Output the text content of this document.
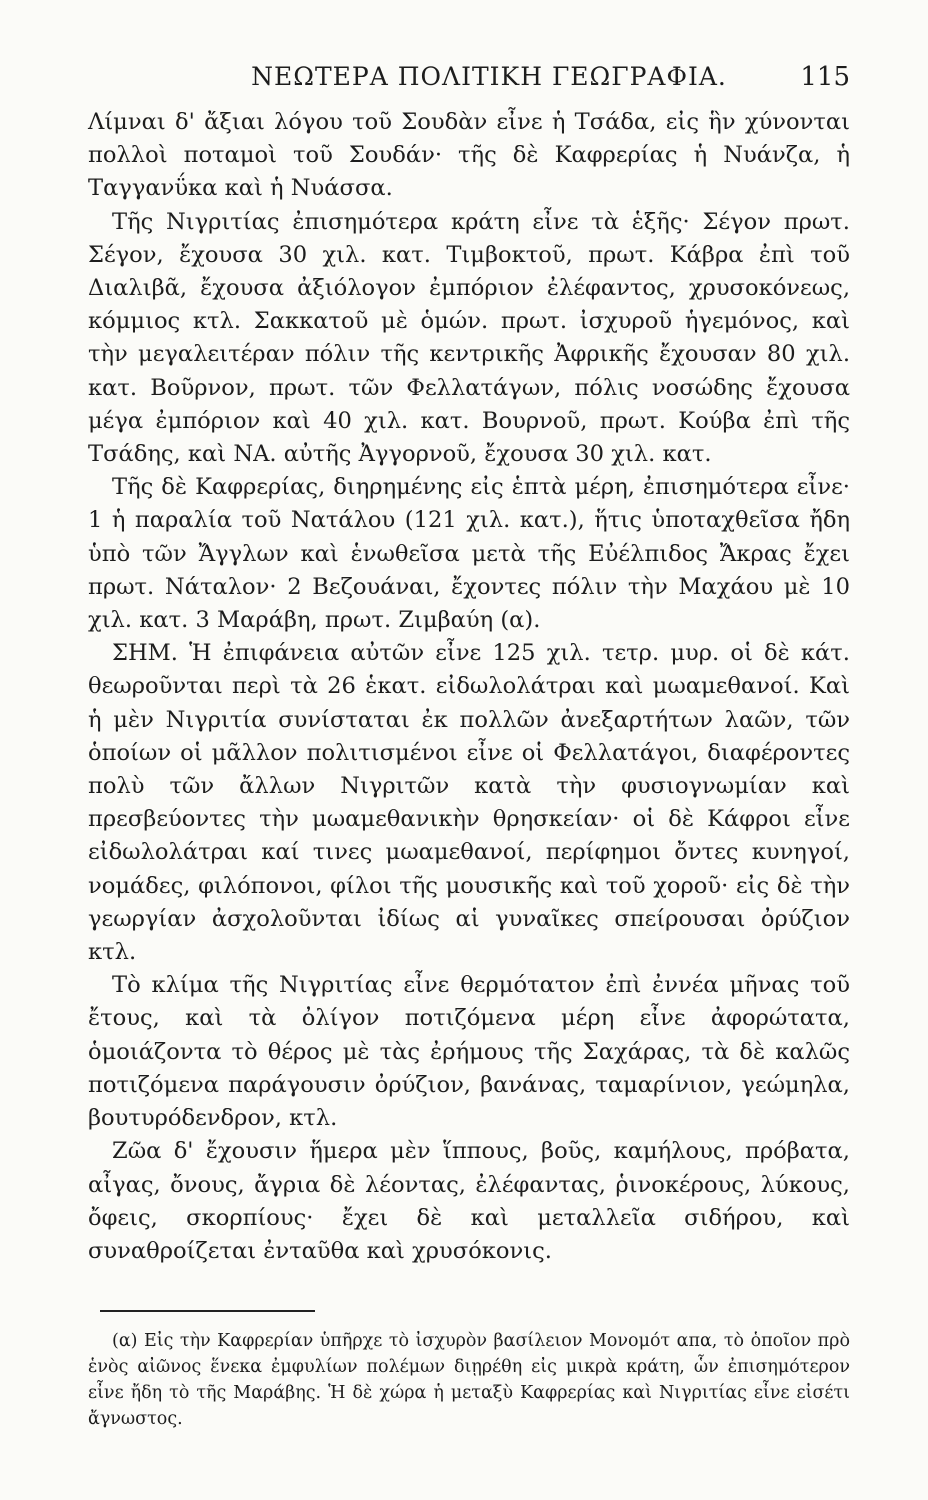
ΝΕΩΤΕΡΑ ΠΟΛΙΤΙΚΗ ΓΕΩΓΡΑΦΙΑ.	115

Λίμναι δ' ἄξιαι λόγου τοῦ Σουδὰν εἶνε ἡ Τσάδα, εἰς ἣν χύνονται πολλοὶ ποταμοὶ τοῦ Σουδάν· τῆς δὲ Καφρερίας ἡ Νυάνζα, ἡ Ταγγανΰκα καὶ ἡ Νυάσσα.

Τῆς Νιγριτίας ἐπισημότερα κράτη εἶνε τὰ ἑξῆς· Σέγον πρωτ. Σέγον, ἔχουσα 30 χιλ. κατ. Τιμβοκτοῦ, πρωτ. Κάβρα ἐπὶ τοῦ Διαλιβᾶ, ἔχουσα ἀξιόλογον ἐμπόριον ἐλέφαντος, χρυσοκόνεως, κόμμιος κτλ. Σακκατοῦ μὲ ὁμών. πρωτ. ἰσχυροῦ ἡγεμόνος, καὶ τὴν μεγαλειτέραν πόλιν τῆς κεντρικῆς Ἀφρικῆς ἔχουσαν 80 χιλ. κατ. Βοῦρνον, πρωτ. τῶν Φελλατάγων, πόλις νοσώδης ἔχουσα μέγα ἐμπόριον καὶ 40 χιλ. κατ. Βουρνοῦ, πρωτ. Κούβα ἐπὶ τῆς Τσάδης, καὶ ΝΑ. αὐτῆς Ἀγγορνοῦ, ἔχουσα 30 χιλ. κατ.

Τῆς δὲ Καφρερίας, διηρημένης εἰς ἑπτὰ μέρη, ἐπισημότερα εἶνε· 1 ἡ παραλία τοῦ Νατάλου (121 χιλ. κατ.), ἥτις ὑποταχθεῖσα ἤδη ὑπὸ τῶν Ἄγγλων καὶ ἑνωθεῖσα μετὰ τῆς Εὐέλπιδος Ἄκρας ἔχει πρωτ. Νάταλον· 2 Βεζουάναι, ἔχοντες πόλιν τὴν Μαχάου μὲ 10 χιλ. κατ. 3 Μαράβη, πρωτ. Ζιμβαύη (α).

ΣΗΜ. Ἡ ἐπιφάνεια αὐτῶν εἶνε 125 χιλ. τετρ. μυρ. οἱ δὲ κάτ. θεωροῦνται περὶ τὰ 26 ἑκατ. εἰδωλολάτραι καὶ μωαμεθανοί. Καὶ ἡ μὲν Νιγριτία συνίσταται ἐκ πολλῶν ἀνεξαρτήτων λαῶν, τῶν ὁποίων οἱ μᾶλλον πολιτισμένοι εἶνε οἱ Φελλατάγοι, διαφέροντες πολὺ τῶν ἄλλων Νιγριτῶν κατὰ τὴν φυσιογνωμίαν καὶ πρεσβεύοντες τὴν μωαμεθανικὴν θρησκείαν· οἱ δὲ Κάφροι εἶνε εἰδωλολάτραι καί τινες μωαμεθανοί, περίφημοι ὄντες κυνηγοί, νομάδες, φιλόπονοι, φίλοι τῆς μουσικῆς καὶ τοῦ χοροῦ· εἰς δὲ τὴν γεωργίαν ἀσχολοῦνται ἰδίως αἱ γυναῖκες σπείρουσαι ὀρύζιον κτλ.

Τὸ κλίμα τῆς Νιγριτίας εἶνε θερμότατον ἐπὶ ἐννέα μῆνας τοῦ ἔτους, καὶ τὰ ὀλίγον ποτιζόμενα μέρη εἶνε ἀφορώτατα, ὁμοιάζοντα τὸ θέρος μὲ τὰς ἐρήμους τῆς Σαχάρας, τὰ δὲ καλῶς ποτιζόμενα παράγουσιν ὀρύζιον, βανάνας, ταμαρίνιον, γεώμηλα, βουτυρόδενδρον, κτλ.

Ζῶα δ' ἔχουσιν ἥμερα μὲν ἵππους, βοῦς, καμήλους, πρόβατα, αἶγας, ὄνους, ἄγρια δὲ λέοντας, ἐλέφαντας, ῥινοκέρους, λύκους, ὄφεις, σκορπίους· ἔχει δὲ καὶ μεταλλεῖα σιδήρου, καὶ συναθροίζεται ἐνταῦθα καὶ χρυσόκονις.

(α) Εἰς τὴν Καφρερίαν ὑπῆρχε τὸ ἰσχυρὸν βασίλειον Μονομότ απα, τὸ ὁποῖον πρὸ ἑνὸς αἰῶνος ἕνεκα ἐμφυλίων πολέμων διῃρέθη εἰς μικρὰ κράτη, ὧν ἐπισημότερον εἶνε ἤδη τὸ τῆς Μαράβης. Ἡ δὲ χώρα ἡ μεταξὺ Καφρερίας καὶ Νιγριτίας εἶνε εἰσέτι ἄγνωστος.
